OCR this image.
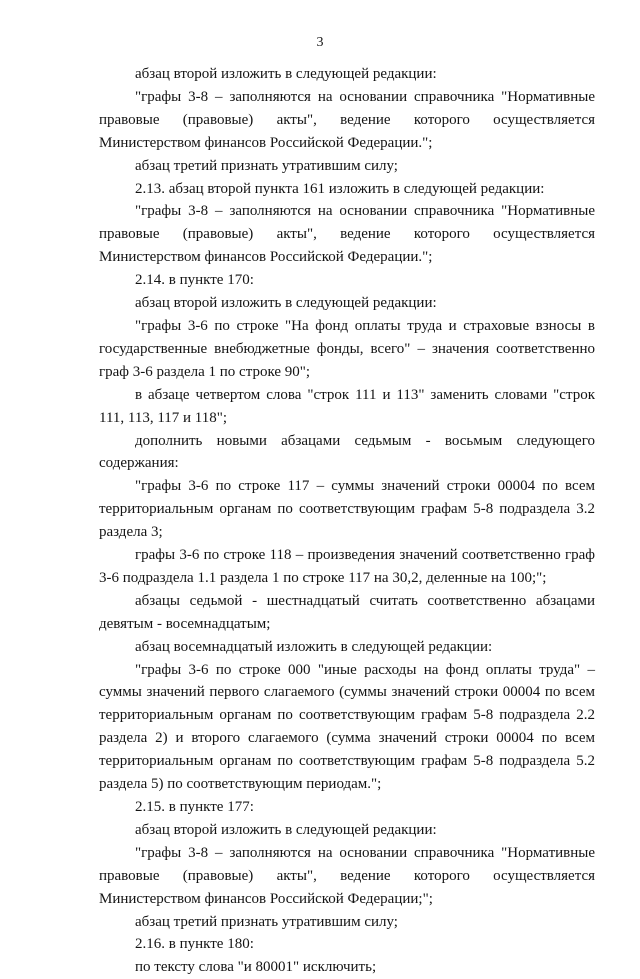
3

абзац второй изложить в следующей редакции:

"графы 3-8 – заполняются на основании справочника "Нормативные правовые (правовые) акты", ведение которого осуществляется Министерством финансов Российской Федерации.";

абзац третий признать утратившим силу;

2.13. абзац второй пункта 161 изложить в следующей редакции:

"графы 3-8 – заполняются на основании справочника "Нормативные правовые (правовые) акты", ведение которого осуществляется Министерством финансов Российской Федерации.";

2.14. в пункте 170:

абзац второй изложить в следующей редакции:

"графы 3-6 по строке "На фонд оплаты труда и страховые взносы в государственные внебюджетные фонды, всего" – значения соответственно граф 3-6 раздела 1 по строке 90";

в абзаце четвертом слова "строк 111 и 113" заменить словами "строк 111, 113, 117 и 118";

дополнить новыми абзацами седьмым - восьмым следующего содержания:

"графы 3-6 по строке 117 – суммы значений строки 00004 по всем территориальным органам по соответствующим графам 5-8 подраздела 3.2 раздела 3;

графы 3-6 по строке 118 – произведения значений соответственно граф 3-6 подраздела 1.1 раздела 1 по строке 117 на 30,2, деленные на 100;";

абзацы седьмой - шестнадцатый считать соответственно абзацами девятым - восемнадцатым;

абзац восемнадцатый изложить в следующей редакции:

"графы 3-6 по строке 000 "иные расходы на фонд оплаты труда" – суммы значений первого слагаемого (суммы значений строки 00004 по всем территориальным органам по соответствующим графам 5-8 подраздела 2.2 раздела 2) и второго слагаемого (сумма значений строки 00004 по всем территориальным органам по соответствующим графам 5-8 подраздела 5.2 раздела 5) по соответствующим периодам.";

2.15. в пункте 177:

абзац второй изложить в следующей редакции:

"графы 3-8 – заполняются на основании справочника "Нормативные правовые (правовые) акты", ведение которого осуществляется Министерством финансов Российской Федерации;";

абзац третий признать утратившим силу;

2.16. в пункте 180:

по тексту слова "и 80001" исключить;
